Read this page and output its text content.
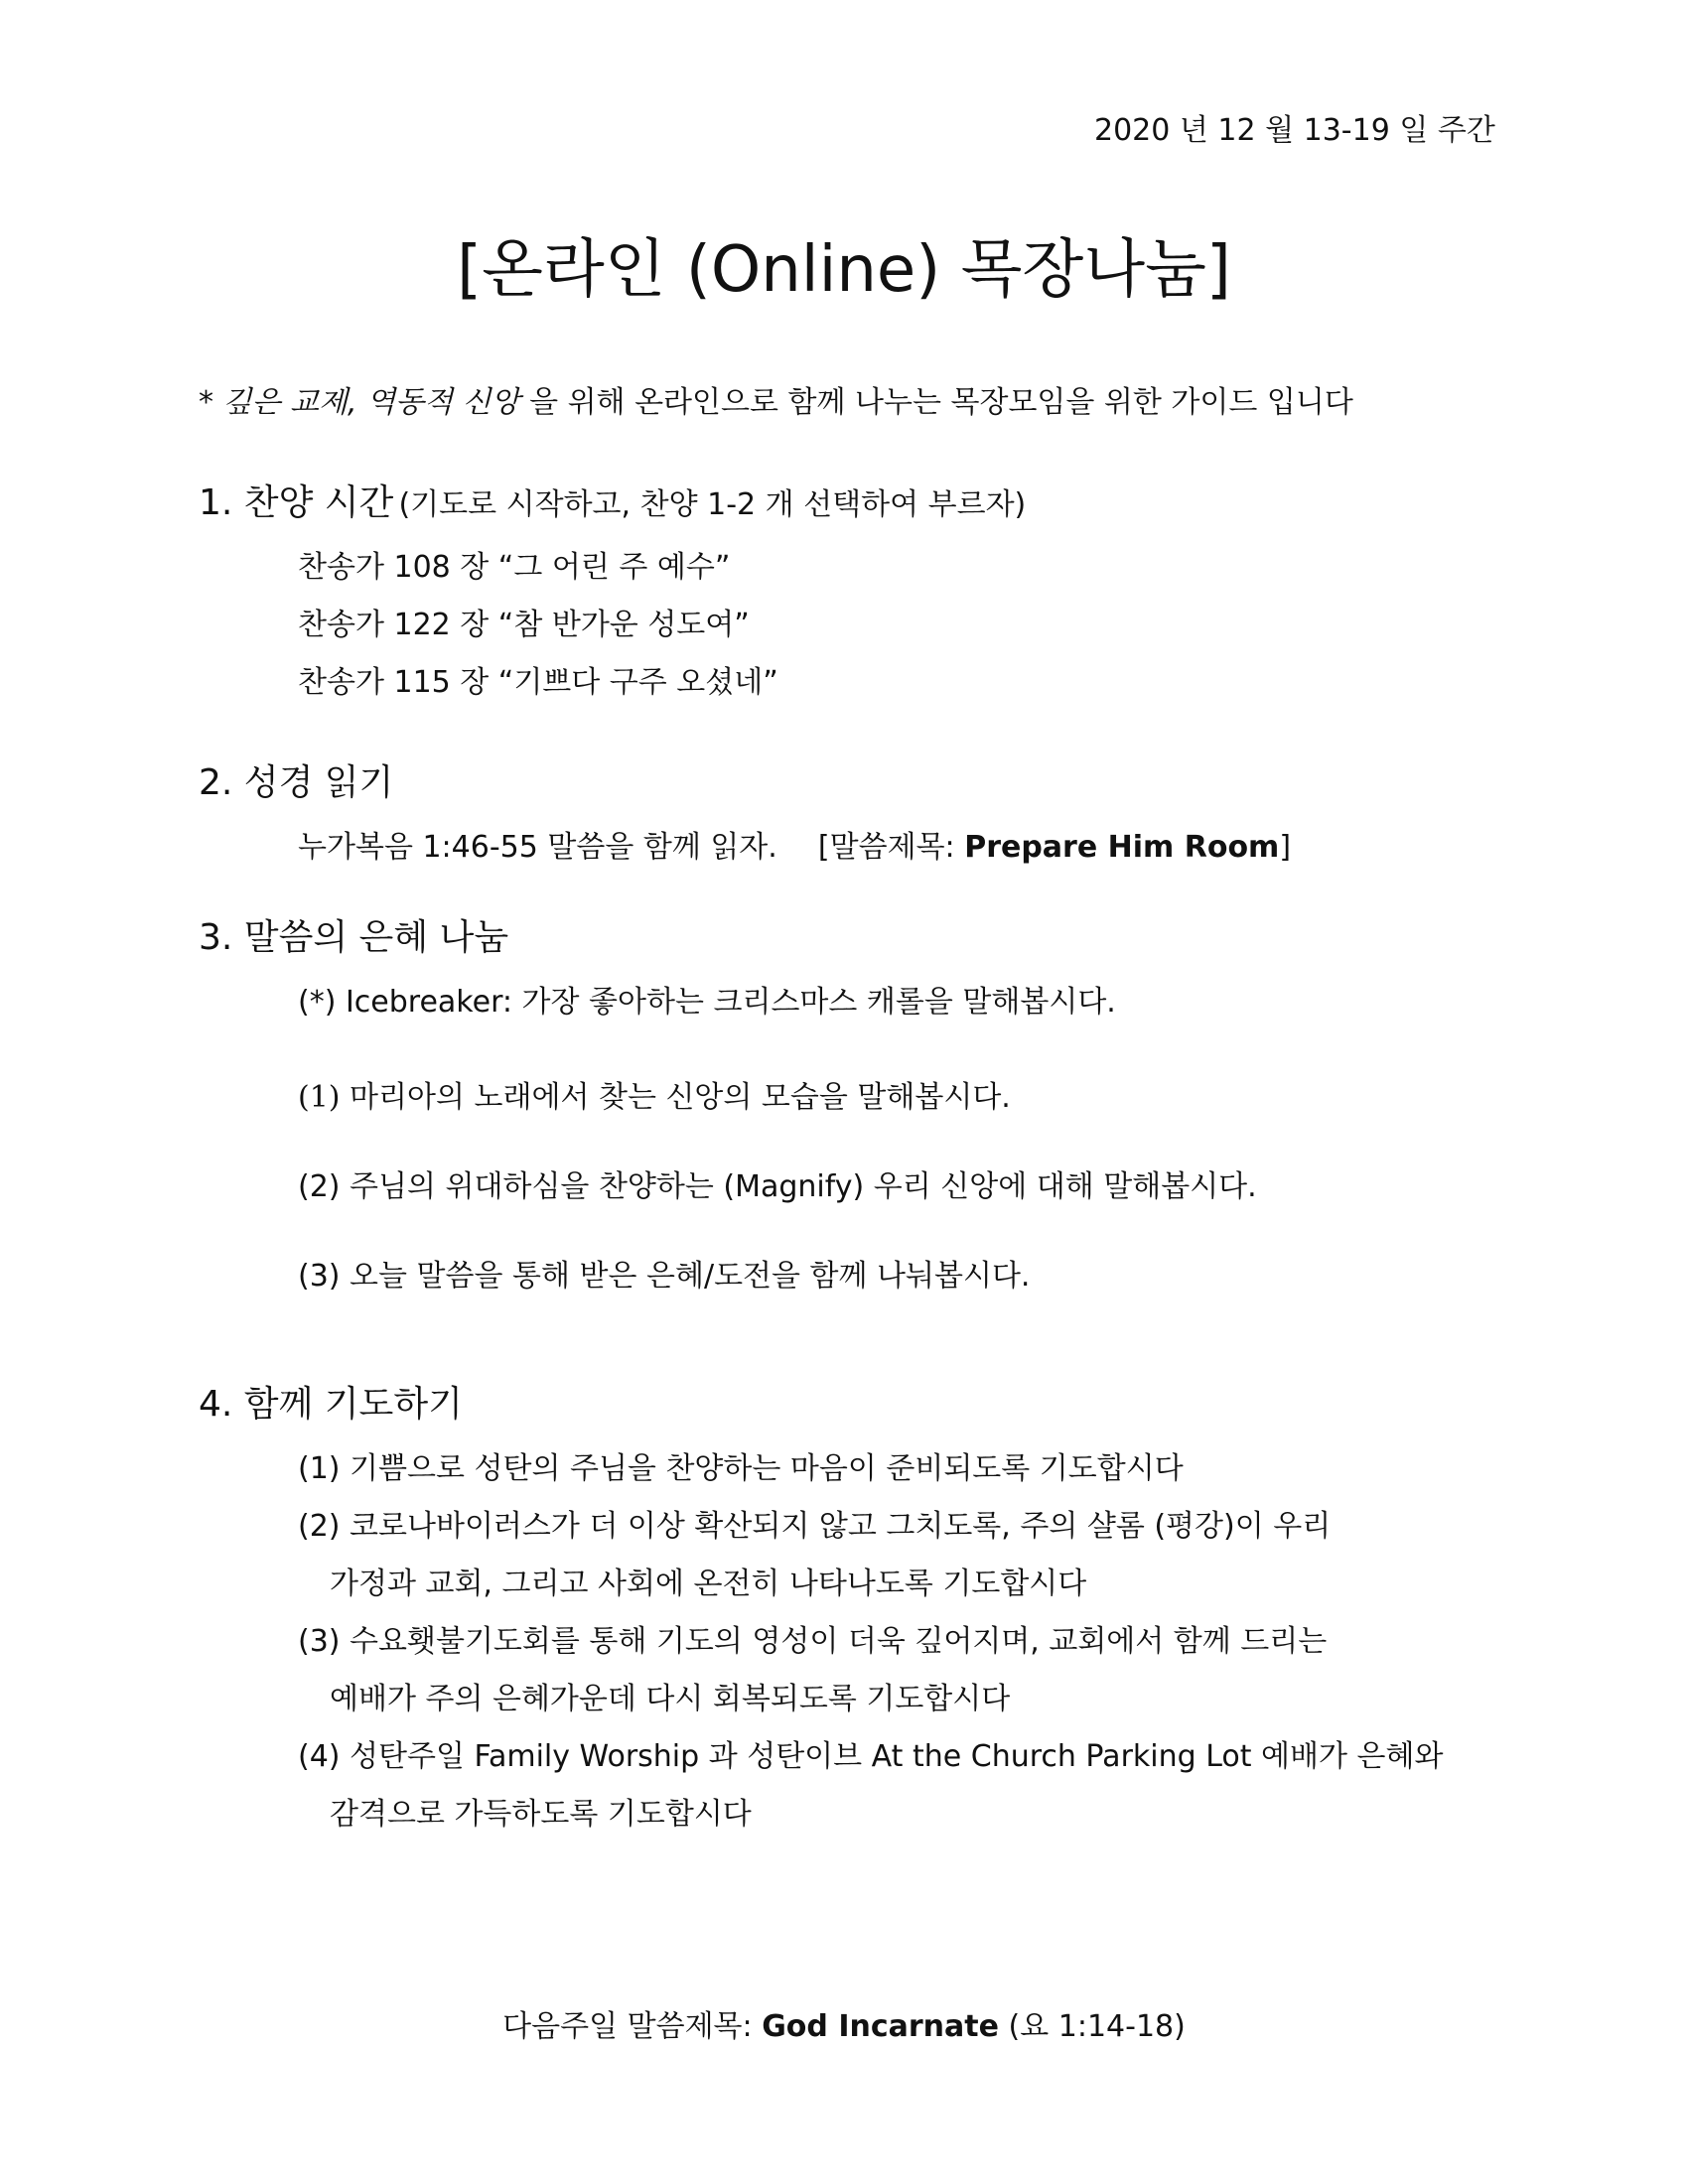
2020 년 12 월 13-19 일 주간
[온라인 (Online) 목장나눔]
* 깊은 교제, 역동적 신앙 을 위해 온라인으로 함께 나누는 목장모임을 위한 가이드 입니다
1. 찬양 시간 (기도로 시작하고, 찬양 1-2 개 선택하여 부르자)
찬송가 108 장 “그 어린 주 예수”
찬송가 122 장 “참 반가운 성도여”
찬송가 115 장 “기쁘다 구주 오셨네”
2. 성경 읽기
누가복음 1:46-55 말씀을 함께 읽자. [말씀제목: Prepare Him Room]
3. 말씀의 은혜 나눔
(*) Icebreaker: 가장 좋아하는 크리스마스 캐롤을 말해봅시다.
(1) 마리아의 노래에서 찾는 신앙의 모습을 말해봅시다.
(2) 주님의 위대하심을 찬양하는 (Magnify) 우리 신앙에 대해 말해봅시다.
(3) 오늘 말씀을 통해 받은 은혜/도전을 함께 나눠봅시다.
4. 함께 기도하기
(1) 기쁨으로 성탄의 주님을 찬양하는 마음이 준비되도록 기도합시다
(2) 코로나바이러스가 더 이상 확산되지 않고 그치도록, 주의 샬롬 (평강)이 우리
가정과 교회, 그리고 사회에 온전히 나타나도록 기도합시다
(3) 수요횃불기도회를 통해 기도의 영성이 더욱 깊어지며, 교회에서 함께 드리는
예배가 주의 은혜가운데 다시 회복되도록 기도합시다
(4) 성탄주일 Family Worship 과 성탄이브 At the Church Parking Lot 예배가 은혜와
감격으로 가득하도록 기도합시다
다음주일 말씀제목: God Incarnate (요 1:14-18)
